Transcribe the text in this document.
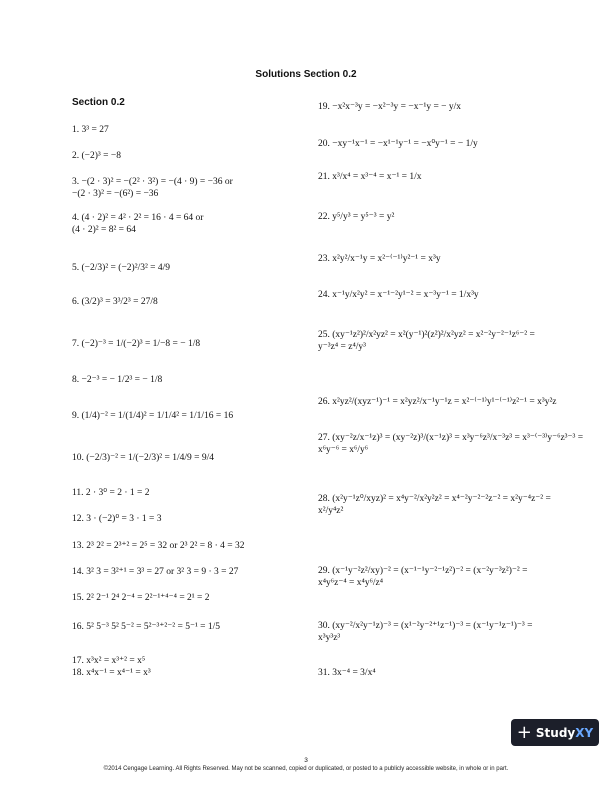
Solutions Section 0.2
Section 0.2
1. 3³ = 27
2. (−2)³ = −8
3. −(2 · 3)² = −(2² · 3²) = −(4 · 9) = −36 or
−(2 · 3)² = −(6²) = −36
4. (4 · 2)² = 4² · 2² = 16 · 4 = 64 or
(4 · 2)² = 8² = 64
5. (−2/3)² = (−2)²/3² = 4/9
6. (3/2)³ = 3³/2³ = 27/8
7. (−2)⁻³ = 1/(−2)³ = 1/−8 = − 1/8
8. −2⁻³ = − 1/2³ = − 1/8
9. (1/4)⁻² = 1/(1/4)² = 1/1/4² = 1/1/16 = 16
10. (−2/3)⁻² = 1/(−2/3)² = 1/4/9 = 9/4
11. 2 · 3⁰ = 2 · 1 = 2
12. 3 · (−2)⁰ = 3 · 1 = 3
13. 2³ 2² = 2³⁺² = 2⁵ = 32 or 2³ 2² = 8 · 4 = 32
14. 3² 3 = 3²⁺¹ = 3³ = 27 or 3² 3 = 9 · 3 = 27
15. 2² 2⁻¹ 2⁴ 2⁻⁴ = 2²⁻¹⁺⁴⁻⁴ = 2¹ = 2
16. 5² 5⁻³ 5² 5⁻² = 5²⁻³⁺²⁻² = 5⁻¹ = 1/5
17. x³x² = x³⁺² = x⁵
18. x⁴x⁻¹ = x⁴⁻¹ = x³
19. −x²x⁻³y = −x²⁻³y = −x⁻¹y = − y/x
20. −xy⁻¹x⁻¹ = −x¹⁻¹y⁻¹ = −x⁰y⁻¹ = − 1/y
21. x³/x⁴ = x³⁻⁴ = x⁻¹ = 1/x
22. y⁵/y³ = y⁵⁻³ = y²
23. x²y²/x⁻¹y = x²⁻⁽⁻¹⁾y²⁻¹ = x³y
24. x⁻¹y/x²y² = x⁻¹⁻²y¹⁻² = x⁻³y⁻¹ = 1/x³y
25. (xy⁻¹z²)²/x²yz² = x²(y⁻¹)²(z²)²/x²yz² = x²⁻²y⁻²⁻¹z⁶⁻² =
y⁻³z⁴ = z⁴/y³
26. x²yz²/(xyz⁻¹)⁻¹ = x²yz²/x⁻¹y⁻¹z = x²⁻⁽⁻¹⁾y¹⁻⁽⁻¹⁾z²⁻¹ = x³y²z
27. (xy⁻²z/x⁻¹z)³ = (xy⁻²z)³/(x⁻¹z)³ = x³y⁻⁶z³/x⁻³z³ = x³⁻⁽⁻³⁾y⁻⁶z³⁻³ =
x⁶y⁻⁶ = x⁶/y⁶
28. (x²y⁻¹z⁰/xyz)² = x⁴y⁻²/x²y²z² = x⁴⁻²y⁻²⁻²z⁻² = x²y⁻⁴z⁻² =
x²/y⁴z²
29. (x⁻¹y⁻²z²/xy)⁻² = (x⁻¹⁻¹y⁻²⁻¹z²)⁻² = (x⁻²y⁻³z²)⁻² =
x⁴y⁶z⁻⁴ = x⁴y⁶/z⁴
30. (xy⁻²/x²y⁻¹z)⁻³ = (x¹⁻²y⁻²⁺¹z⁻¹)⁻³ = (x⁻¹y⁻¹z⁻¹)⁻³ =
x³y³z³
31. 3x⁻⁴ = 3/x⁴
+ StudyXY
3
©2014 Cengage Learning. All Rights Reserved. May not be scanned, copied or duplicated, or posted to a publicly accessible website, in whole or in part.
